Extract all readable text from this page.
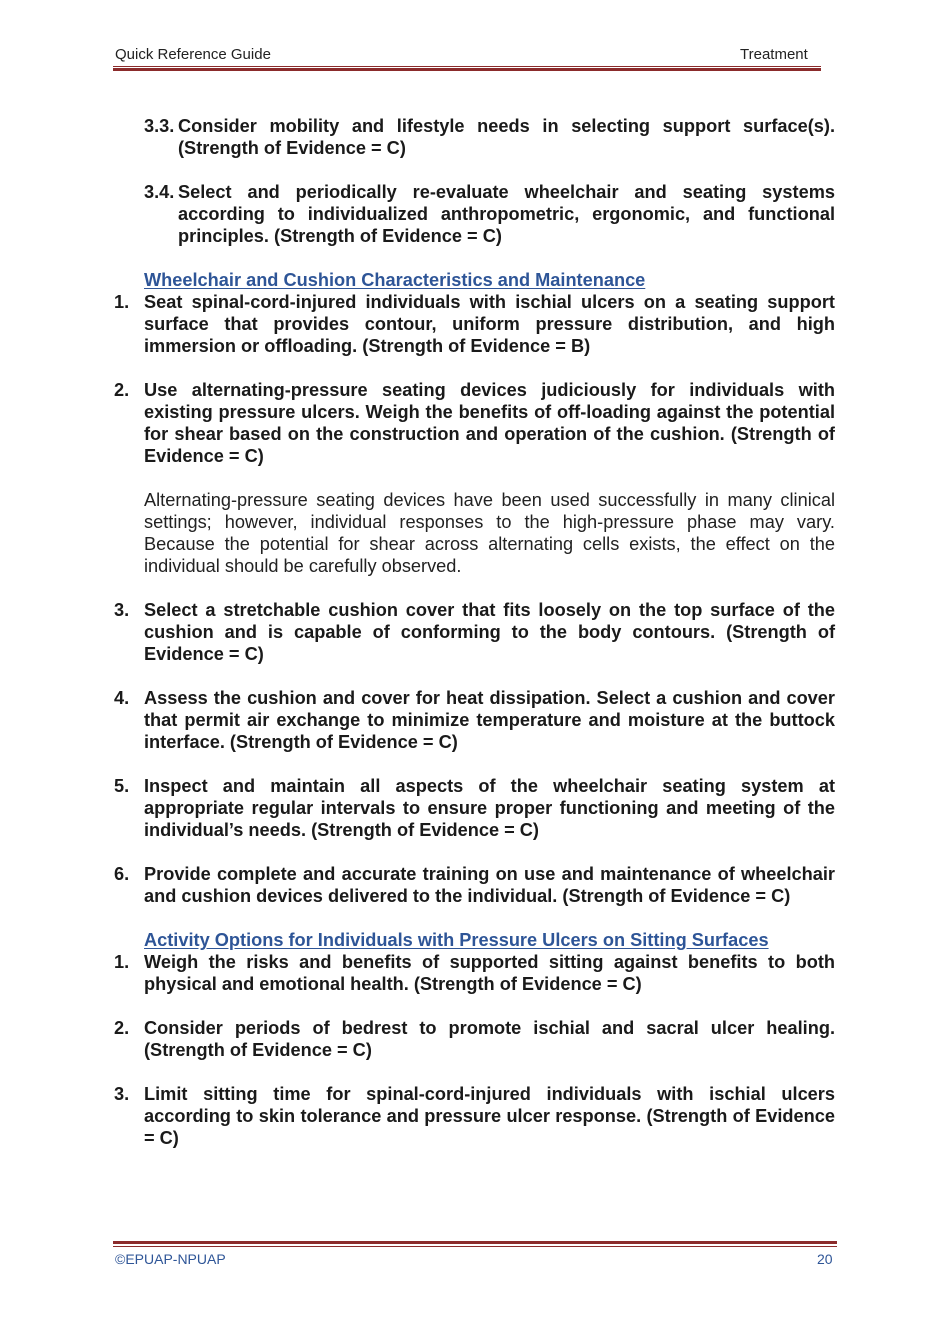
Quick Reference Guide	Treatment
3.3. Consider mobility and lifestyle needs in selecting support surface(s). (Strength of Evidence = C)
3.4. Select and periodically re-evaluate wheelchair and seating systems according to individualized anthropometric, ergonomic, and functional principles. (Strength of Evidence = C)
Wheelchair and Cushion Characteristics and Maintenance
1. Seat spinal-cord-injured individuals with ischial ulcers on a seating support surface that provides contour, uniform pressure distribution, and high immersion or offloading. (Strength of Evidence = B)
2. Use alternating-pressure seating devices judiciously for individuals with existing pressure ulcers. Weigh the benefits of off-loading against the potential for shear based on the construction and operation of the cushion. (Strength of Evidence = C)
Alternating-pressure seating devices have been used successfully in many clinical settings; however, individual responses to the high-pressure phase may vary. Because the potential for shear across alternating cells exists, the effect on the individual should be carefully observed.
3. Select a stretchable cushion cover that fits loosely on the top surface of the cushion and is capable of conforming to the body contours. (Strength of Evidence = C)
4. Assess the cushion and cover for heat dissipation. Select a cushion and cover that permit air exchange to minimize temperature and moisture at the buttock interface. (Strength of Evidence = C)
5. Inspect and maintain all aspects of the wheelchair seating system at appropriate regular intervals to ensure proper functioning and meeting of the individual’s needs. (Strength of Evidence = C)
6. Provide complete and accurate training on use and maintenance of wheelchair and cushion devices delivered to the individual. (Strength of Evidence = C)
Activity Options for Individuals with Pressure Ulcers on Sitting Surfaces
1. Weigh the risks and benefits of supported sitting against benefits to both physical and emotional health. (Strength of Evidence = C)
2. Consider periods of bedrest to promote ischial and sacral ulcer healing. (Strength of Evidence = C)
3. Limit sitting time for spinal-cord-injured individuals with ischial ulcers according to skin tolerance and pressure ulcer response. (Strength of Evidence = C)
©EPUAP-NPUAP	20
